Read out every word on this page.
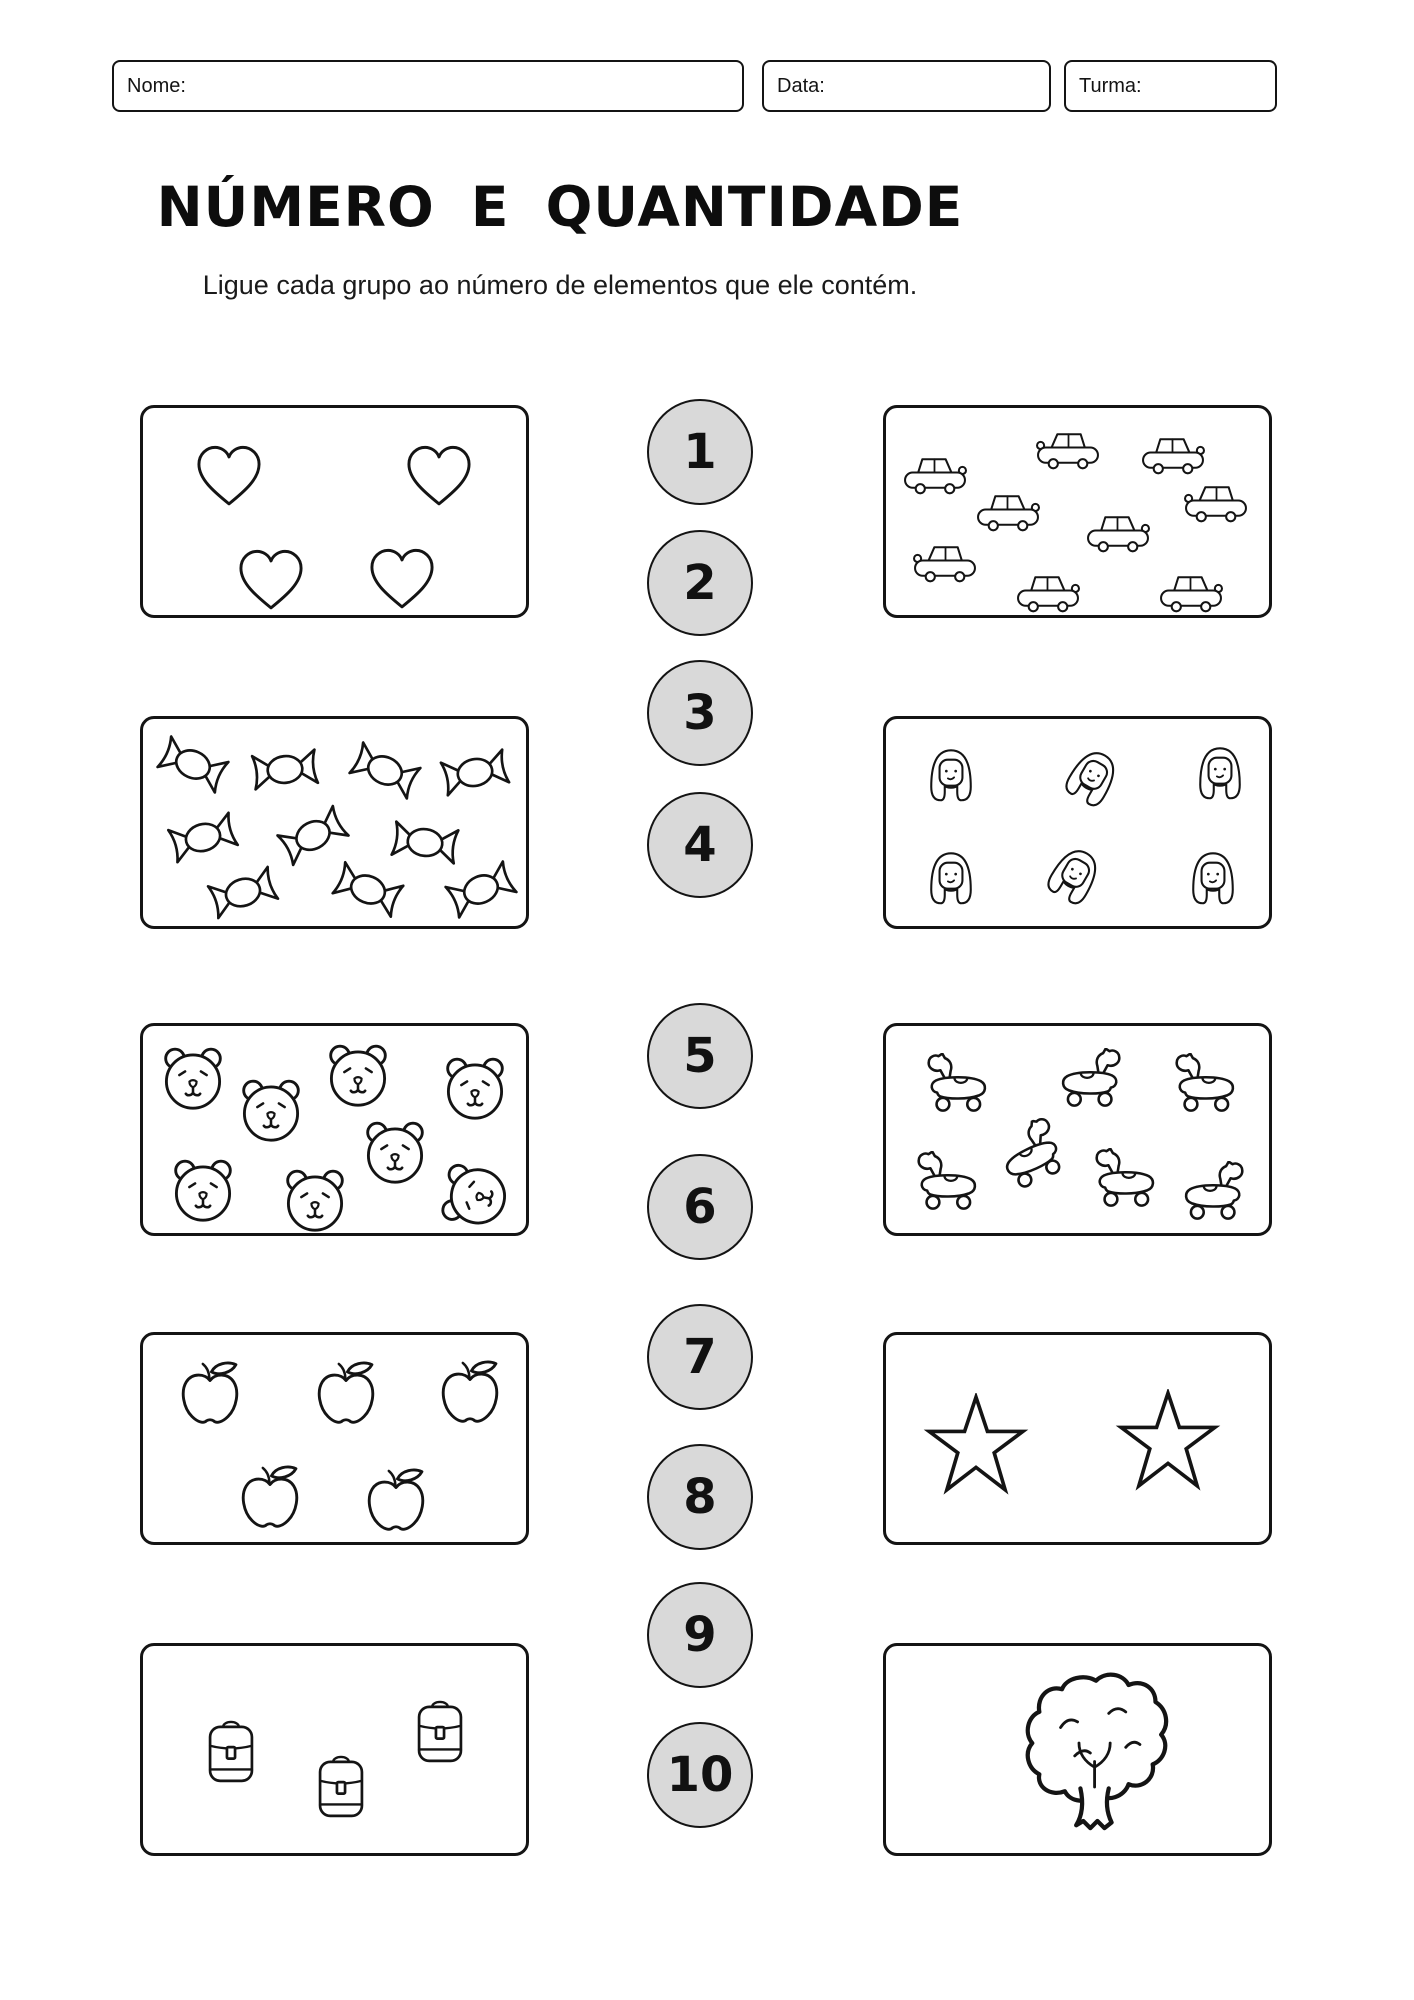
Nome:	Data:	Turma:
NÚMERO E QUANTIDADE

Ligue cada grupo ao número de elementos que ele contém.

1
2
3
4
5
6
7
8
9
10
